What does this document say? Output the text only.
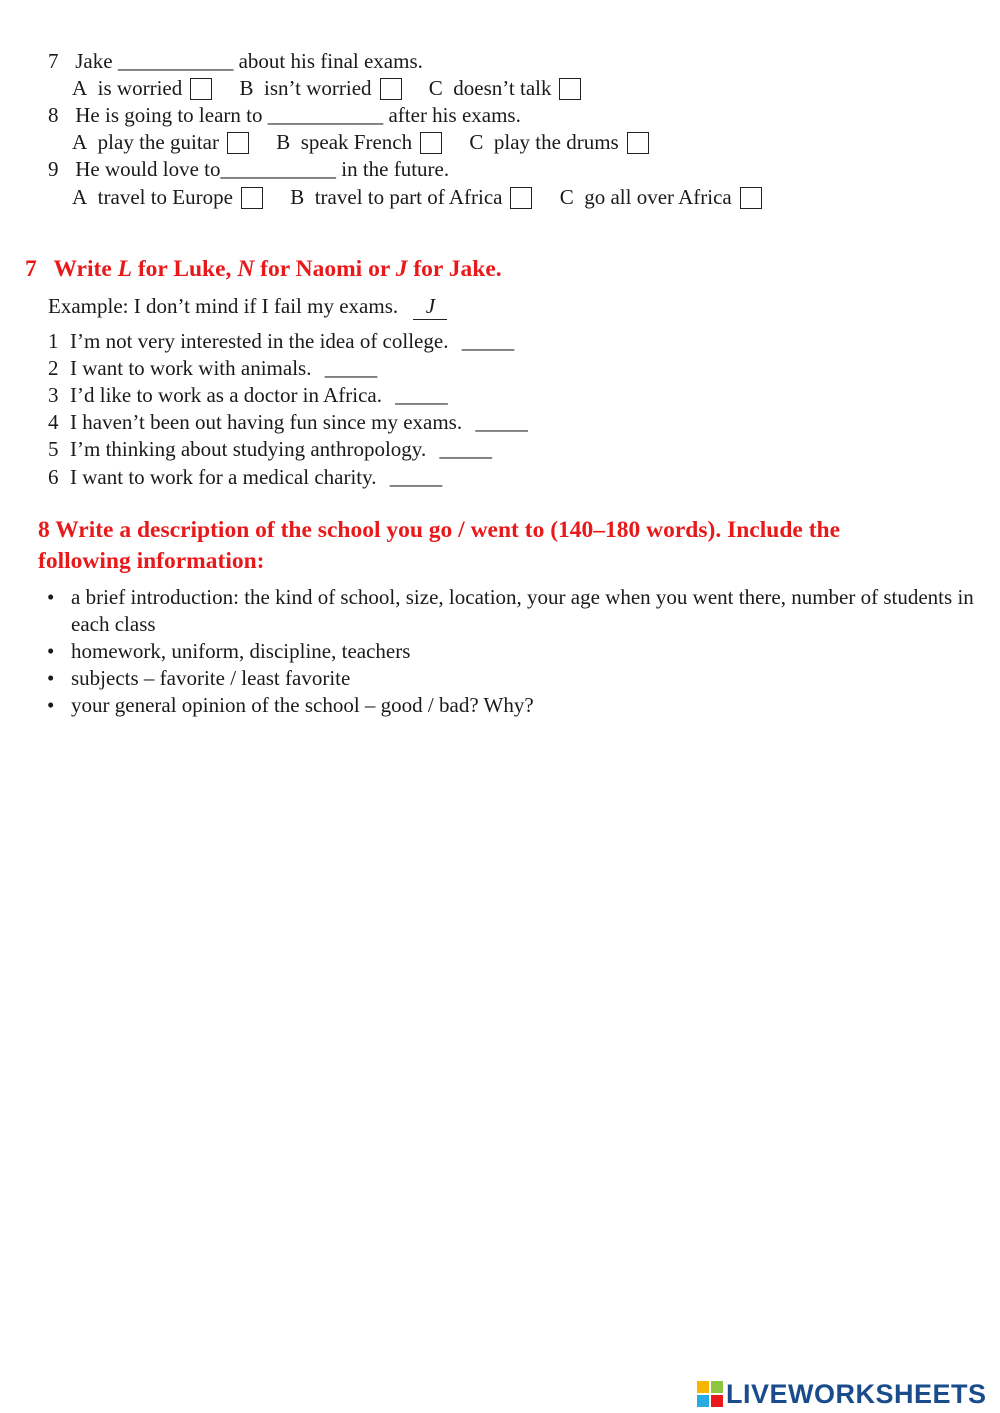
7 Jake ___________ about his final exams.
A is worried	B isn’t worried	C doesn’t talk
8 He is going to learn to ___________ after his exams.
A play the guitar	B speak French	C play the drums
9 He would love to___________ in the future.
A travel to Europe	B travel to part of Africa	C go all over Africa
7 Write L for Luke, N for Naomi or J for Jake.
Example: I don’t mind if I fail my exams. J
1 I’m not very interested in the idea of college. _____
2 I want to work with animals. _____
3 I’d like to work as a doctor in Africa. _____
4 I haven’t been out having fun since my exams. _____
5 I’m thinking about studying anthropology. _____
6 I want to work for a medical charity. _____
8 Write a description of the school you go / went to (140–180 words). Include the
following information:
• a brief introduction: the kind of school, size, location, your age when you went there, number of students in each class
• homework, uniform, discipline, teachers
• subjects – favorite / least favorite
• your general opinion of the school – good / bad? Why?
LIVEWORKSHEETS
